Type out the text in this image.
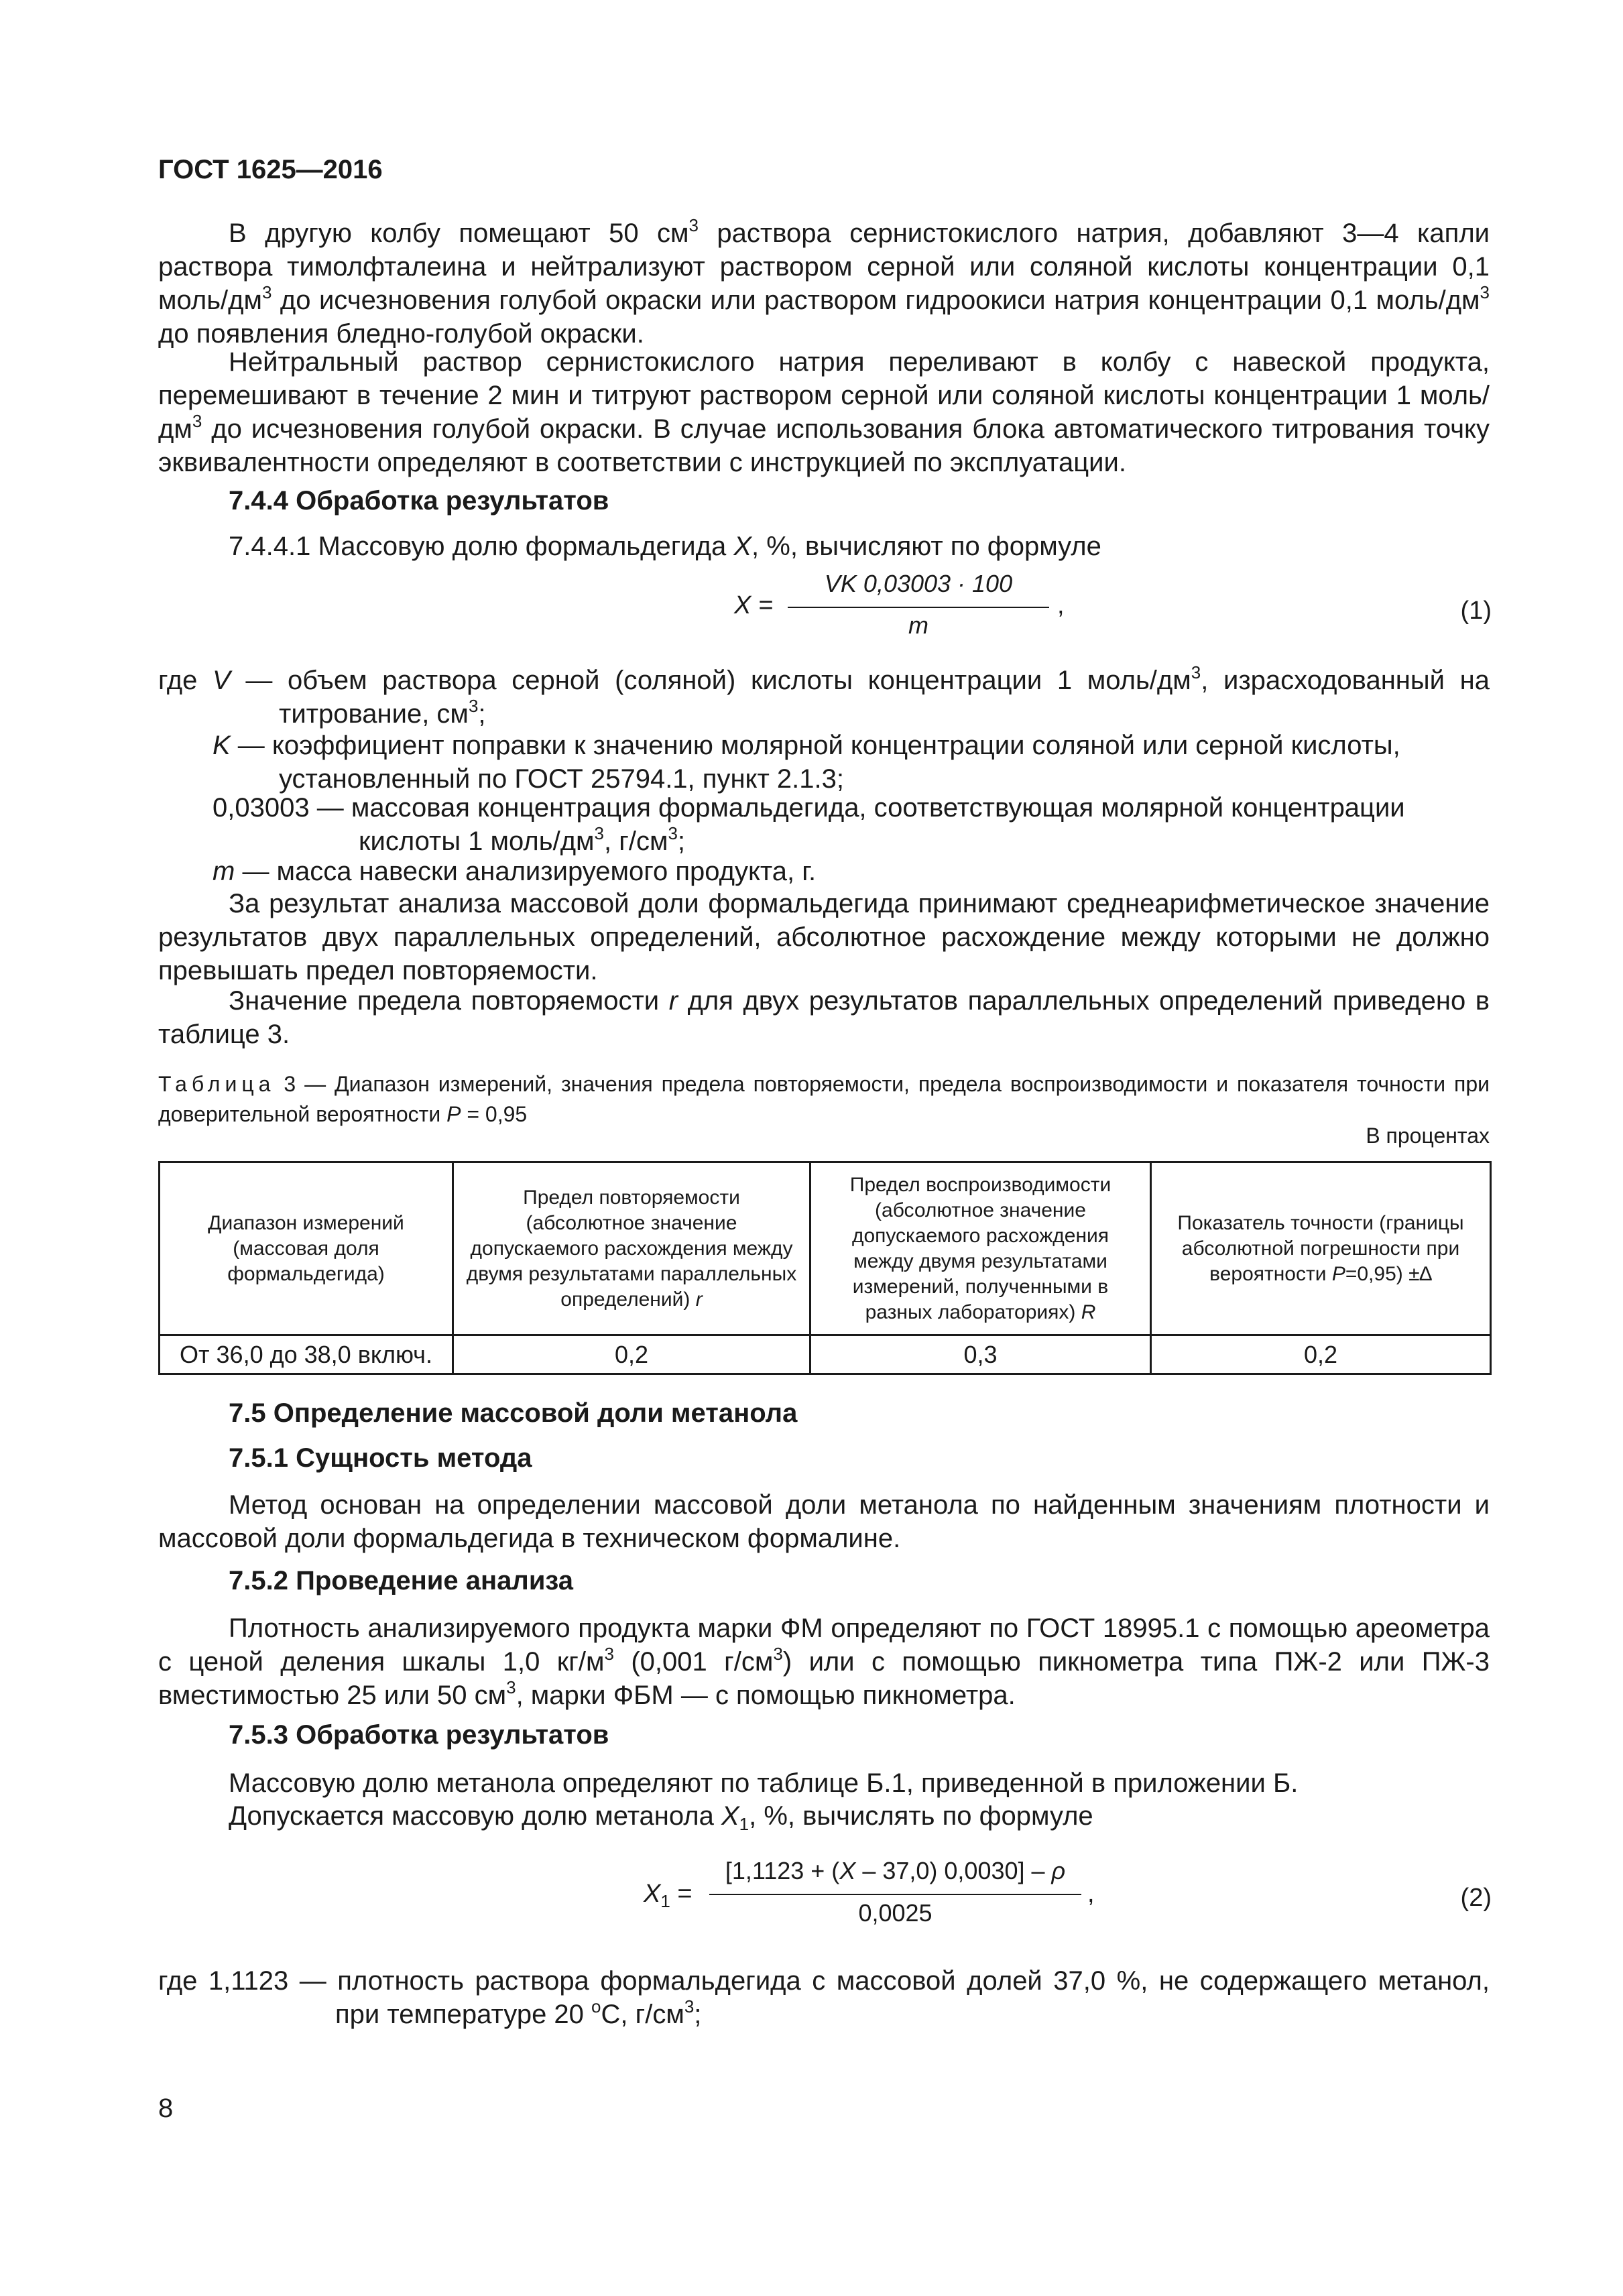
ГОСТ 1625—2016
В другую колбу помещают 50 $см^3$ раствора сернистокислого натрия, добавляют 3—4 капли раствора тимолфталеина и нейтрализуют раствором серной или соляной кислоты концентрации 0,1 моль/$дм^3$ до исчезновения голубой окраски или раствором гидроокиси натрия концентрации 0,1 моль/$дм^3$ до появления бледно-голубой окраски.
Нейтральный раствор сернистокислого натрия переливают в колбу с навеской продукта, перемешивают в течение 2 мин и титруют раствором серной или соляной кислоты концентрации 1 моль/$дм^3$ до исчезновения голубой окраски. В случае использования блока автоматического титрования точку эквивалентности определяют в соответствии с инструкцией по эксплуатации.
7.4.4 Обработка результатов
7.4.4.1 Массовую долю формальдегида X, %, вычисляют по формуле
X =
VK 0,03003 · 100
m
,	(1)
где V — объем раствора серной (соляной) кислоты концентрации 1 моль/$дм^3$, израсходованный на титрование, $см^3$;
K — коэффициент поправки к значению молярной концентрации соляной или серной кислоты, установленный по ГОСТ 25794.1, пункт 2.1.3;
0,03003 — массовая концентрация формальдегида, соответствующая молярной концентрации кислоты 1 моль/$дм^3$, $г/см^3$;
m — масса навески анализируемого продукта, г.
За результат анализа массовой доли формальдегида принимают среднеарифметическое значение результатов двух параллельных определений, абсолютное расхождение между которыми не должно превышать предел повторяемости.
Значение предела повторяемости r для двух результатов параллельных определений приведено в таблице 3.
Таблица 3 — Диапазон измерений, значения предела повторяемости, предела воспроизводимости и показателя точности при доверительной вероятности P = 0,95
В процентах
Диапазон измерений (массовая доля формальдегида)	Предел повторяемости (абсолютное значение допускаемого расхождения между двумя результатами параллельных определений) r	Предел воспроизводимости (абсолютное значение допускаемого расхождения между двумя результатами измерений, полученными в разных лабораториях) R	Показатель точности (границы абсолютной погрешности при вероятности P=0,95) ±∆
От 36,0 до 38,0 включ.	0,2	0,3	0,2
7.5 Определение массовой доли метанола
7.5.1 Сущность метода
Метод основан на определении массовой доли метанола по найденным значениям плотности и массовой доли формальдегида в техническом формалине.
7.5.2 Проведение анализа
Плотность анализируемого продукта марки ФМ определяют по ГОСТ 18995.1 с помощью ареометра с ценой деления шкалы 1,0 $кг/м^3$ (0,001 $г/см^3$) или с помощью пикнометра типа ПЖ-2 или ПЖ-3 вместимостью 25 или 50 $см^3$, марки ФБМ — с помощью пикнометра.
7.5.3 Обработка результатов
Массовую долю метанола определяют по таблице Б.1, приведенной в приложении Б.
Допускается массовую долю метанола $X_1$, %, вычислять по формуле
$X_1$ =
[1,1123 + (X – 37,0) 0,0030] – ρ
0,0025
,	(2)
где 1,1123 — плотность раствора формальдегида с массовой долей 37,0 %, не содержащего метанол, при температуре 20 $^о$С, $г/см^3$;
8
